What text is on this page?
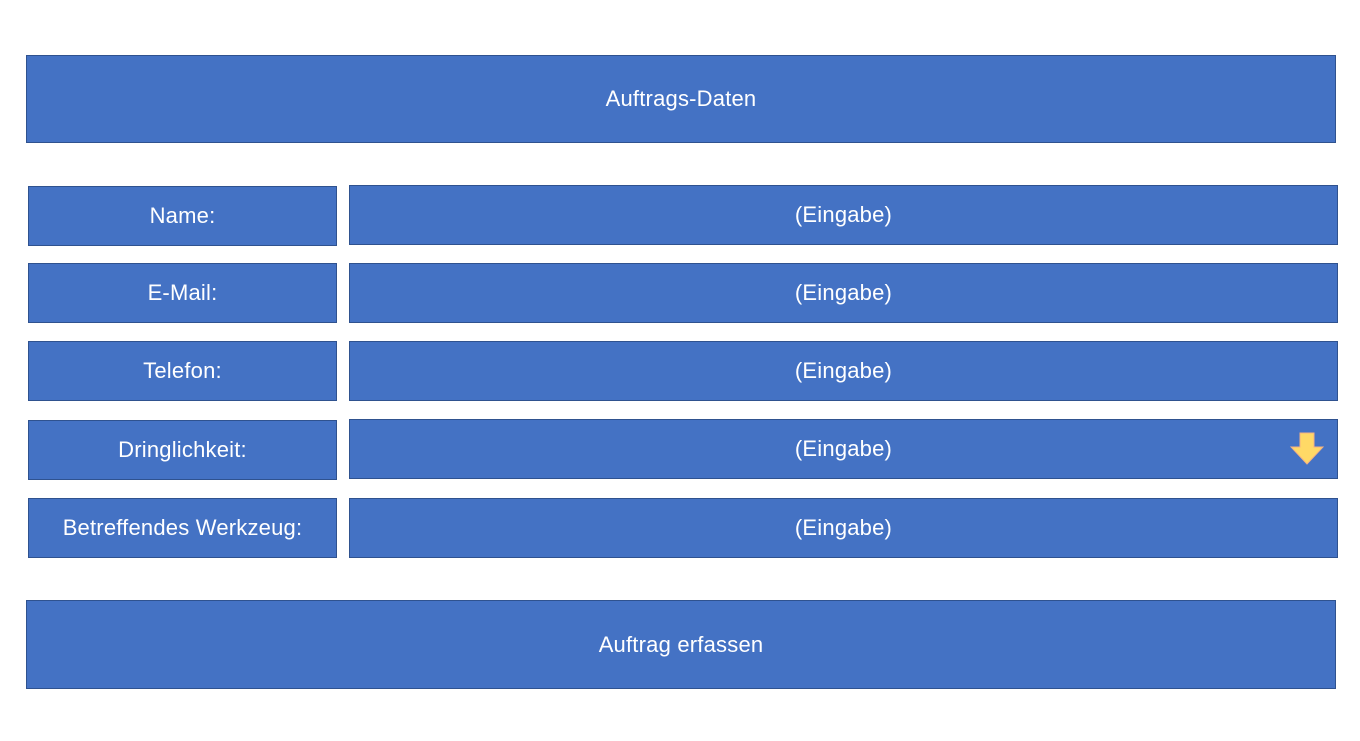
Auftrags-Daten
Name:	(Eingabe)
E-Mail:	(Eingabe)
Telefon:	(Eingabe)
Dringlichkeit:	(Eingabe)
Betreffendes Werkzeug:	(Eingabe)
Auftrag erfassen
